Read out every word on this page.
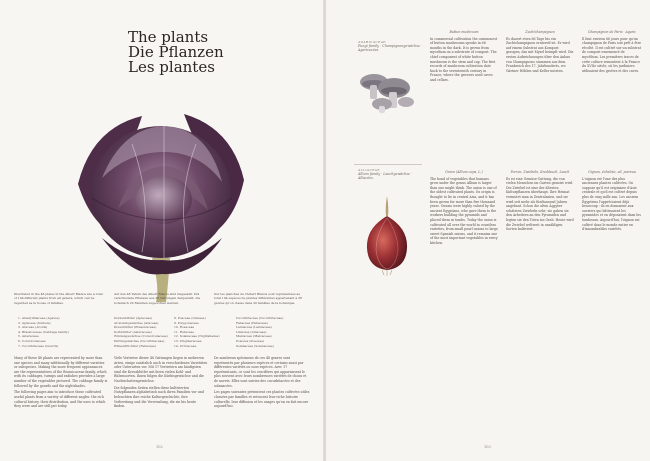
The plants
Die Pflanzen
Les plantes
Illustrated in the 48 plates in the Albert Blanca are a total of 104 different plants from all genera, which can be regarded as in house of families.
Auf den 48 Tafeln des Albert Blanca sind insgesamt 104 verschiedene Pflanzen aus 38 Gattungen dargestellt, die botanisch 20 Familien zugeordnet werden.
Sur les planches de l'Albert Blanca sont représentées au total 104 espèces de plantes différentes appartenant à 38 genres qu'on classe dans 20 familles de la botanique.
1. Amaryllidaceae (Agaves)
2. Apiaceae (Umbels)
3. Araceae (Aroids)
4. Brassicaceae (Cabbage family)
5. Asteraceae
6. Convolvulaceae
7. Cucurbitaceae (Gourds)
Doldenblütler (Apiaceae)
Aronstabgewächse (Araceae)
Kreuzblütler (Brassicaceae)
Korbblütler (Asteraceae)
Windengewächse (Convolvulaceae)
Kürbisgewächse (Cucurbitaceae)
Hülsenfrüchtler (Fabaceae)
8. Poaceae (Grasses)
9. Polygonaceae
10. Rosaceae
11. Rutaceae
12. Solanaceae (Nightshades)
13. Zingiberaceae
14. Urticaceae
Cucurbitacées (Cucurbitaceae)
Fabacées (Fabaceae)
Lamiacées (Lamiaceae)
Liliacées (Liliaceae)
Malvacées (Malvaceae)
Poacées (Poaceae)
Solanacées (Solanaceae)

Many of these 48 plants are represented by more than one species and many additionally by different varieties or subspecies. Making the more frequent appearances are the representatives of the Brassicaceae family, which with its cabbages, turnips and radishes provides a large number of the vegetables pictured. The cabbage family is followed by the gourds and the nightshades.

The following pages aim to introduce these cultivated useful plants from a variety of different angles: the rich cultural history, their distribution, and the uses to which they were and are still put today.

Viele Vertreter dieser 48 Gattungen liegen in mehreren Arten, einige zusätzlich auch in verschiedenen Varietäten oder Unterarten vor. Mit 17 Vertretern am häufigsten sind die Kreuzblütler mit ihren vielen Kohl- und Rübensorten. Ihnen folgen die Kürbisgewächse und die Nachtschattengewächse.

Die folgenden Seiten stellen diese kultivierten Nutzpflanzen alphabetisch nach ihren Familien vor und beleuchten ihre reiche Kulturgeschichte, ihre Verbreitung und die Verwendung, die sie bis heute finden.

De nombreux spécimens de ces 48 genres sont représentés par plusieurs espèces et certains aussi par différentes variétés ou sous-espèces. Avec 17 représentants, ce sont les crucifères qui apparaissent le plus souvent avec leurs nombreuses variétés de choux et de navets. Elles sont suivies des cucurbitacées et des solanacées.

Les pages suivantes présentent ces plantes cultivées utiles classées par familles et retracent leur riche histoire culturelle, leur diffusion et les usages qu'on en fait encore aujourd'hui.

102
AGARICACEAE
Fungi family · Champignongewächse · Agaricacées
Button mushroom

In commercial cultivation the commonest of button mushrooms speaks in 66 months in the dark. It is grown from mycelium on a substrate of compost. The chief component of white button mushroom is the stem and cap. The first records of mushroom cultivation date back to the seventeenth century in France, where the growers used caves and cellars.

Zuchtchampignon

Es dauert etwa 66 Tage bis ein Zuchtchampignon erntereif ist. Er wird auf einem Substrat aus Kompost gezogen, das mit Myzel beimpft wird. Die ersten Aufzeichnungen über den Anbau von Champignons stammen aus dem Frankreich des 17. Jahrhunderts, wo Gärtner Höhlen und Keller nutzten.

Champignon de Paris · Agaric

Il faut environ 66 jours pour qu'un champignon de Paris soit prêt à être récolté. Il est cultivé sur un substrat de compost ensemencé de mycélium. Les premières traces de cette culture remontent à la France du XVIIe siècle, où les jardiniers utilisaient des grottes et des caves.

ALLIACEAE
Allium family · Lauchgewächse · Alliacées
Onion (Allium cepa, L.)

The bond of vegetables that humans grow under the genus Allium is larger than one might think. The onion is one of the oldest cultivated plants. Its origin is thought to lie in central Asia, and it has been grown for more than five thousand years. Onions were highly valued by the ancient Egyptians, who gave them to the workers building the pyramids and placed them in tombs. Today the onion is cultivated all over the world in countless varieties, from small pearl onions to large sweet Spanish onions, and it remains one of the most important vegetables in every kitchen.

Porree, Zwiebeln, Knoblauch, Lauch

Es ist eine Gemüse-Gattung, die von vielen Menschen im Garten genutzt wird. Die Zwiebel ist eine der ältesten Kulturpflanzen überhaupt. Ihre Heimat vermutet man in Zentralasien, und sie wird seit mehr als fünftausend Jahren angebaut. Schon die alten Ägypter schätzten Zwiebeln sehr; sie gaben sie den Arbeitern an den Pyramiden und legten sie den Toten ins Grab. Heute wird die Zwiebel weltweit in unzähligen Sorten kultiviert.

Oignon, échalote, ail, poireau

L'oignon est l'une des plus anciennes plantes cultivées. On suppose qu'il est originaire d'Asie centrale et qu'il est cultivé depuis plus de cinq mille ans. Les anciens Égyptiens l'appréciaient déjà beaucoup : ils en donnaient aux ouvriers qui bâtissaient les pyramides et en déposaient dans les tombeaux. Aujourd'hui, l'oignon est cultivé dans le monde entier en d'innombrables variétés.

103
